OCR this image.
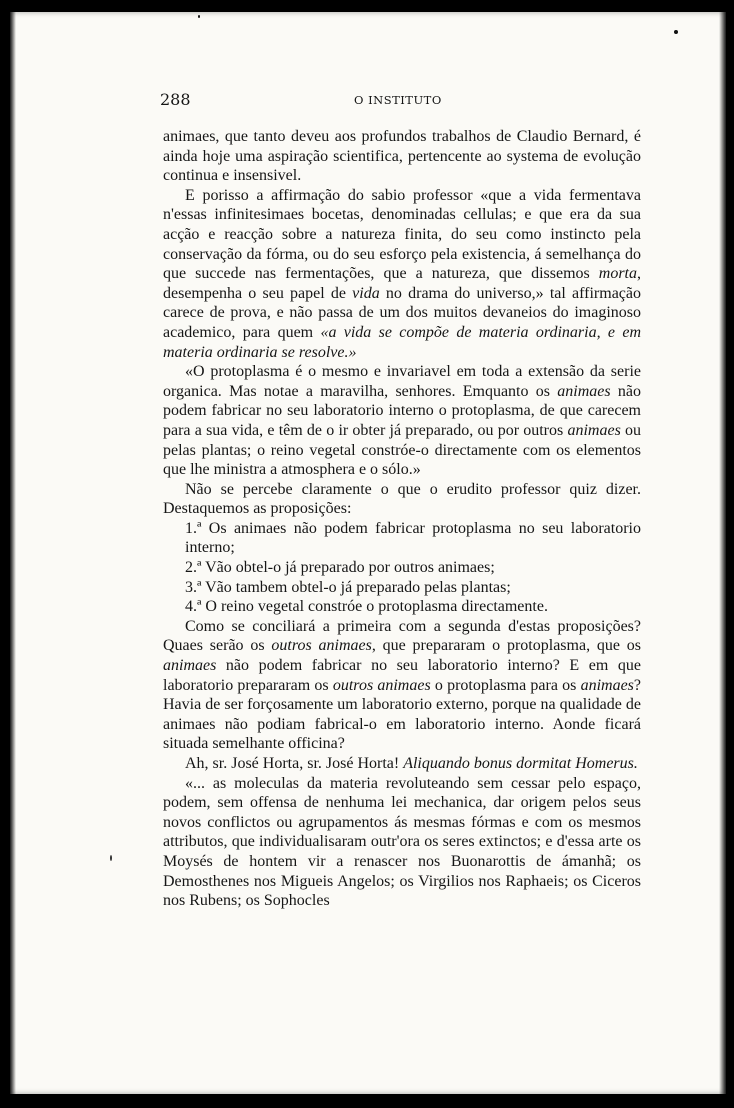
288	O INSTITUTO

animaes, que tanto deveu aos profundos trabalhos de Claudio Bernard, é ainda hoje uma aspiração scientifica, pertencente ao systema de evolução continua e insensivel.

E porisso a affirmação do sabio professor «que a vida fermentava n'essas infinitesimaes bocetas, denominadas cellulas; e que era da sua acção e reacção sobre a natureza finita, do seu como instincto pela conservação da fórma, ou do seu esforço pela existencia, á semelhança do que succede nas fermentações, que a natureza, que dissemos morta, desempenha o seu papel de vida no drama do universo,» tal affirmação carece de prova, e não passa de um dos muitos devaneios do imaginoso academico, para quem «a vida se compõe de materia ordinaria, e em materia ordinaria se resolve.»

«O protoplasma é o mesmo e invariavel em toda a extensão da serie organica. Mas notae a maravilha, senhores. Emquanto os animaes não podem fabricar no seu laboratorio interno o protoplasma, de que carecem para a sua vida, e têm de o ir obter já preparado, ou por outros animaes ou pelas plantas; o reino vegetal constróe-o directamente com os elementos que lhe ministra a atmosphera e o sólo.»

Não se percebe claramente o que o erudito professor quiz dizer. Destaquemos as proposições:

1.ª Os animaes não podem fabricar protoplasma no seu laboratorio interno;

2.ª Vão obtel-o já preparado por outros animaes;

3.ª Vão tambem obtel-o já preparado pelas plantas;

4.ª O reino vegetal constróe o protoplasma directamente.

Como se conciliará a primeira com a segunda d'estas proposições? Quaes serão os outros animaes, que prepararam o protoplasma, que os animaes não podem fabricar no seu laboratorio interno? E em que laboratorio prepararam os outros animaes o protoplasma para os animaes? Havia de ser forçosamente um laboratorio externo, porque na qualidade de animaes não podiam fabrical-o em laboratorio interno. Aonde ficará situada semelhante officina?

Ah, sr. José Horta, sr. José Horta! Aliquando bonus dormitat Homerus.

«... as moleculas da materia revoluteando sem cessar pelo espaço, podem, sem offensa de nenhuma lei mechanica, dar origem pelos seus novos conflictos ou agrupamentos ás mesmas fórmas e com os mesmos attributos, que individualisaram outr'ora os seres extinctos; e d'essa arte os Moysés de hontem vir a renascer nos Buonarottis de ámanhã; os Demosthenes nos Migueis Angelos; os Virgilios nos Raphaeis; os Ciceros nos Rubens; os Sophocles
